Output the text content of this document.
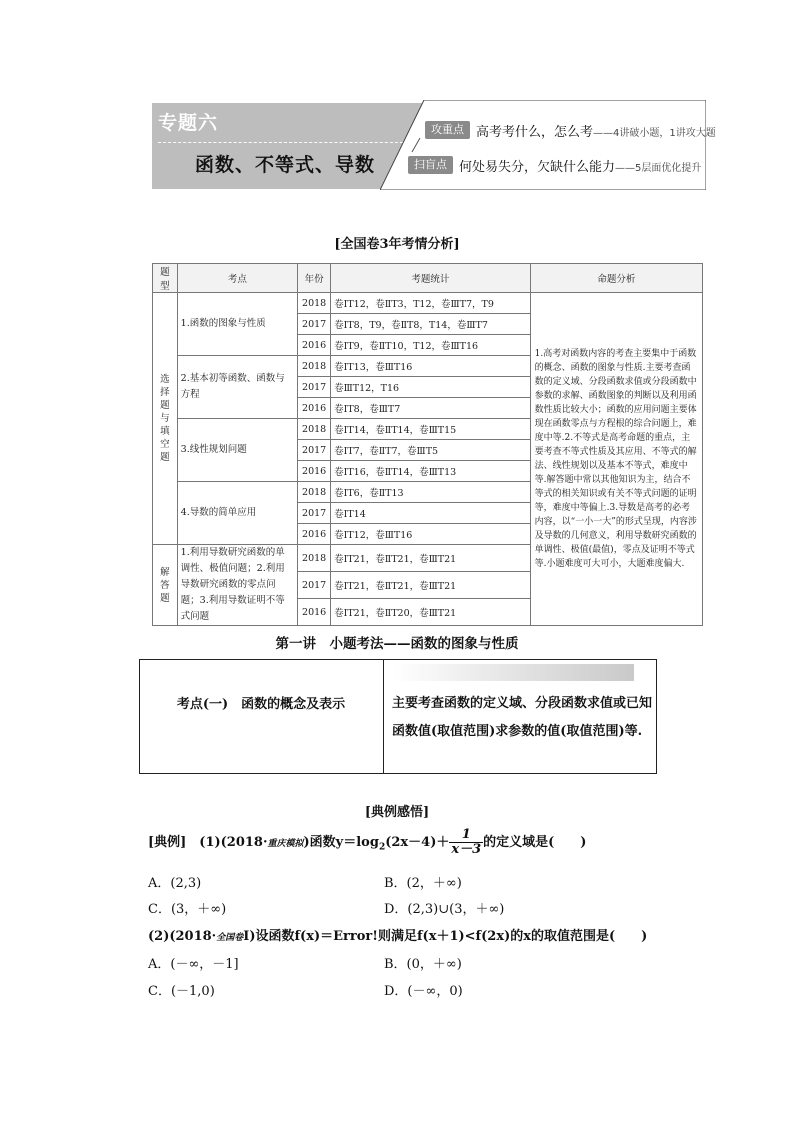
专题六
函数、不等式、导数
攻重点 高考考什么，怎么考——4讲破小题，1讲攻大题
扫盲点 何处易失分，欠缺什么能力——5层面优化提升
[全国卷3年考情分析]
题型	考点	年份	考题统计	命题分析
选择题与填空题	1.函数的图象与性质	2018	卷ⅠT12，卷ⅡT3，T12，卷ⅢT7，T9	1.高考对函数内容的考查主要集中于函数的概念、函数的图象与性质.主要考查函数的定义域、分段函数求值或分段函数中参数的求解、函数图象的判断以及利用函数性质比较大小；函数的应用问题主要体现在函数零点与方程根的综合问题上，难度中等.2.不等式是高考命题的重点，主要考查不等式性质及其应用、不等式的解法、线性规划以及基本不等式，难度中等.解答题中常以其他知识为主，结合不等式的相关知识或有关不等式问题的证明等，难度中等偏上.3.导数是高考的必考内容，以“一小一大”的形式呈现，内容涉及导数的几何意义，利用导数研究函数的单调性、极值(最值)，零点及证明不等式等.小题难度可大可小，大题难度偏大.
		2017	卷ⅠT8，T9，卷ⅡT8，T14，卷ⅢT7	
		2016	卷ⅠT9，卷ⅡT10，T12，卷ⅢT16	
	2.基本初等函数、函数与方程	2018	卷ⅠT13，卷ⅢT16	
		2017	卷ⅢT12，T16	
		2016	卷ⅠT8，卷ⅢT7	
	3.线性规划问题	2018	卷ⅠT14，卷ⅡT14，卷ⅢT15	
		2017	卷ⅠT7，卷ⅡT7，卷ⅢT5	
		2016	卷ⅠT16，卷ⅡT14，卷ⅢT13	
	4.导数的简单应用	2018	卷ⅠT6，卷ⅡT13	
		2017	卷ⅠT14	
		2016	卷ⅠT12，卷ⅢT16	
解答题	1.利用导数研究函数的单调性、极值问题；2.利用导数研究函数的零点问题；3.利用导数证明不等式问题	2018	卷ⅠT21，卷ⅡT21，卷ⅢT21	
		2017	卷ⅠT21，卷ⅡT21，卷ⅢT21	
		2016	卷ⅠT21，卷ⅡT20，卷ⅢT21	
第一讲　小题考法——函数的图象与性质
考点(一)　函数的概念及表示	主要考查函数的定义域、分段函数求值或已知函数值(取值范围)求参数的值(取值范围)等.
[典例感悟]
[典例]　(1)(2018·重庆模拟)函数$y=\log_2(2x-4)+ \frac{1}{x-3}$ 的定义域是(　　)
A．(2,3)	B．(2，＋∞)
C．(3，＋∞)	D．(2,3)∪(3，＋∞)
(2)(2018·全国卷Ⅰ)设函数f(x)＝Error!则满足f(x＋1)<f(2x)的x的取值范围是(　　)
A．(－∞，－1]	B．(0，＋∞)
C．(－1,0)	D．(－∞，0)
